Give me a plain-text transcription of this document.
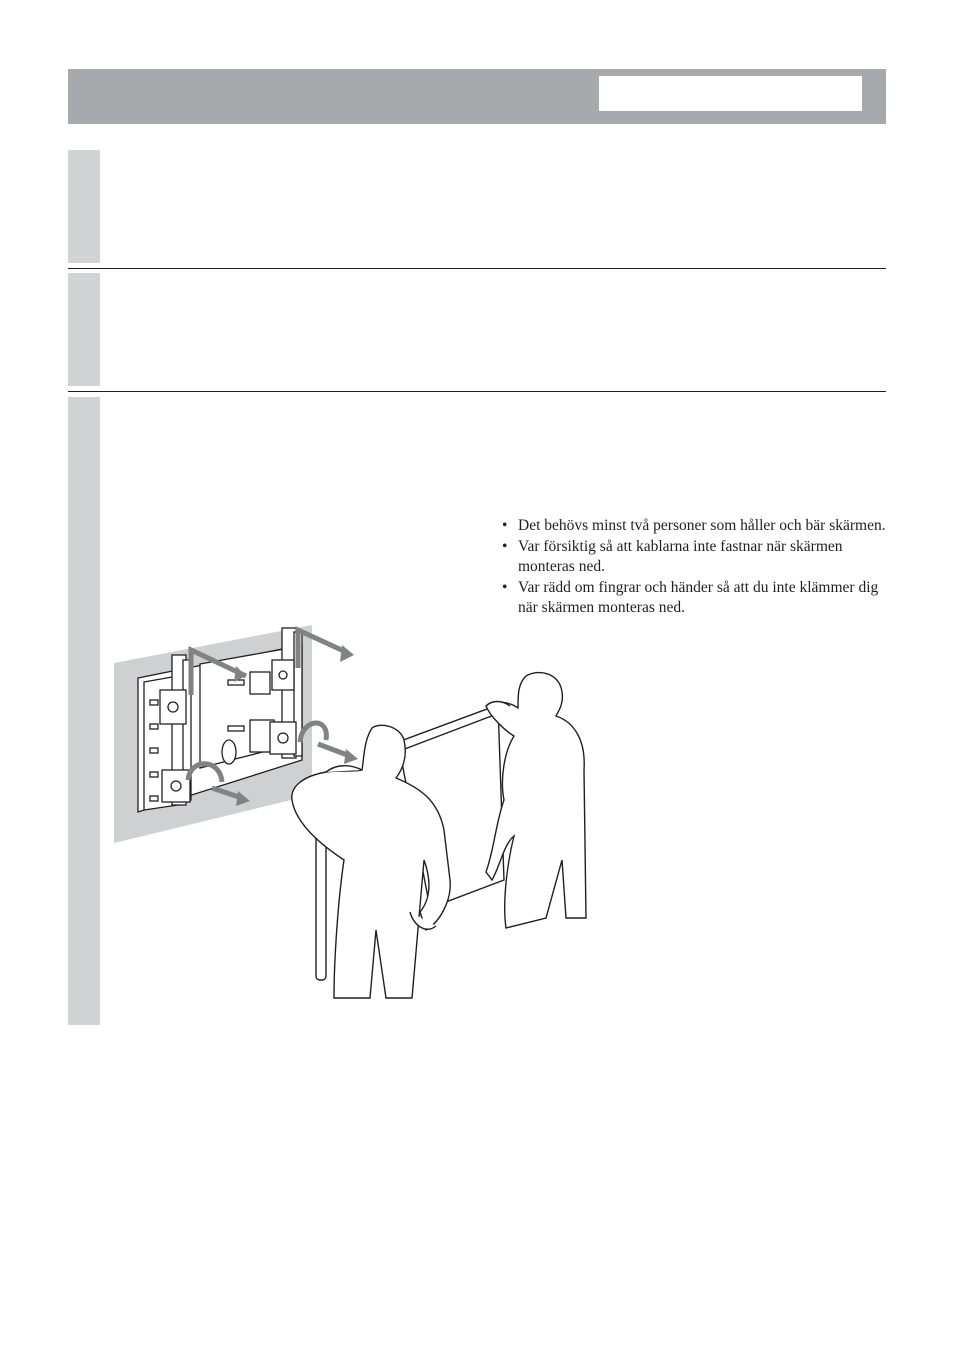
• Det behövs minst två personer som håller och bär skärmen.
• Var försiktig så att kablarna inte fastnar när skärmen monteras ned.
• Var rädd om fingrar och händer så att du inte klämmer dig när skärmen monteras ned.
